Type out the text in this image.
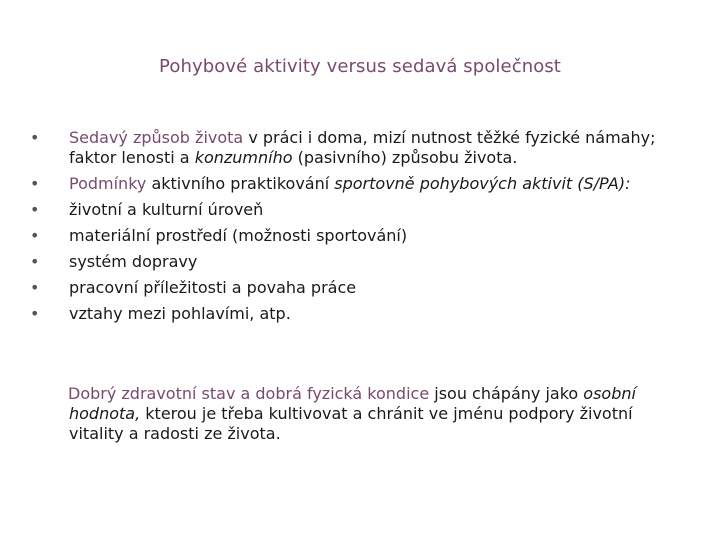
Pohybové aktivity versus sedavá společnost
• Sedavý způsob života v práci i doma, mizí nutnost těžké fyzické námahy; faktor lenosti a konzumního (pasivního) způsobu života.
• Podmínky aktivního praktikování sportovně pohybových aktivit (S/PA):
• životní a kulturní úroveň
• materiální prostředí (možnosti sportování)
• systém dopravy
• pracovní příležitosti a povaha práce
• vztahy mezi pohlavími, atp.
Dobrý zdravotní stav a dobrá fyzická kondice jsou chápány jako osobní hodnota, kterou je třeba kultivovat a chránit ve jménu podpory životní vitality a radosti ze života.
